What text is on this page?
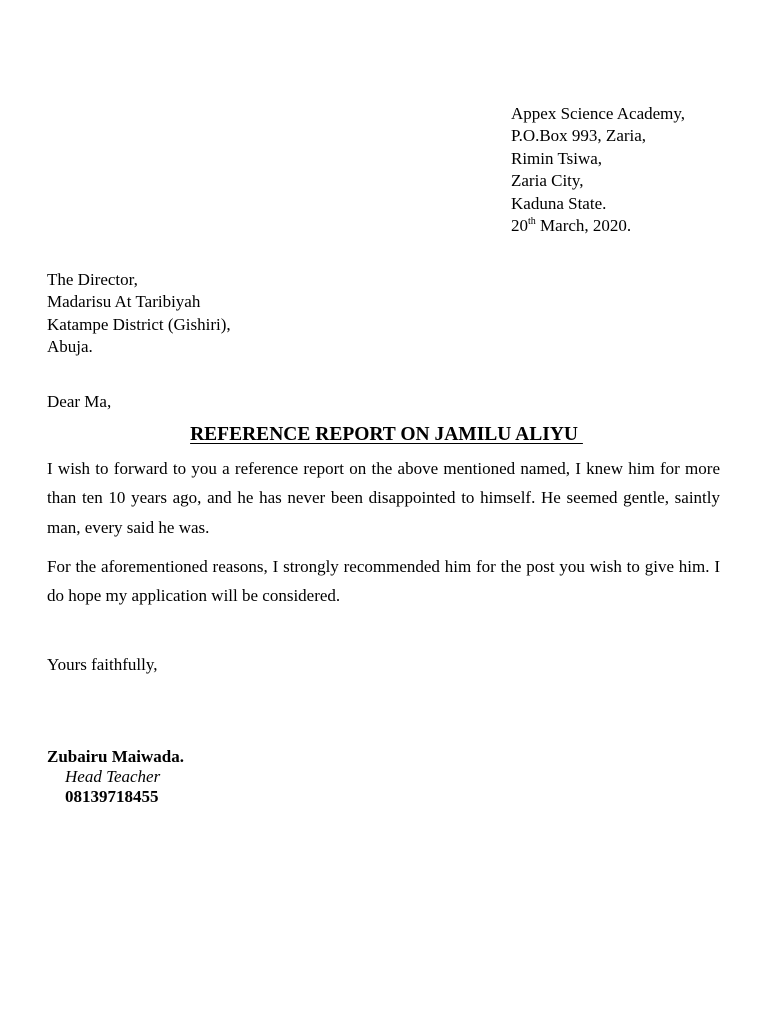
Appex Science Academy,
P.O.Box 993, Zaria,
Rimin Tsiwa,
Zaria City,
Kaduna State.
20th March, 2020.
The Director,
Madarisu At Taribiyah
Katampe District (Gishiri),
Abuja.
Dear Ma,
REFERENCE REPORT ON JAMILU ALIYU

I wish to forward to you a reference report on the above mentioned named, I knew him for more than ten 10 years ago, and he has never been disappointed to himself. He seemed gentle, saintly man, every said he was.

For the aforementioned reasons, I strongly recommended him for the post you wish to give him. I do hope my application will be considered.

Yours faithfully,
Zubairu Maiwada.
Head Teacher
08139718455
